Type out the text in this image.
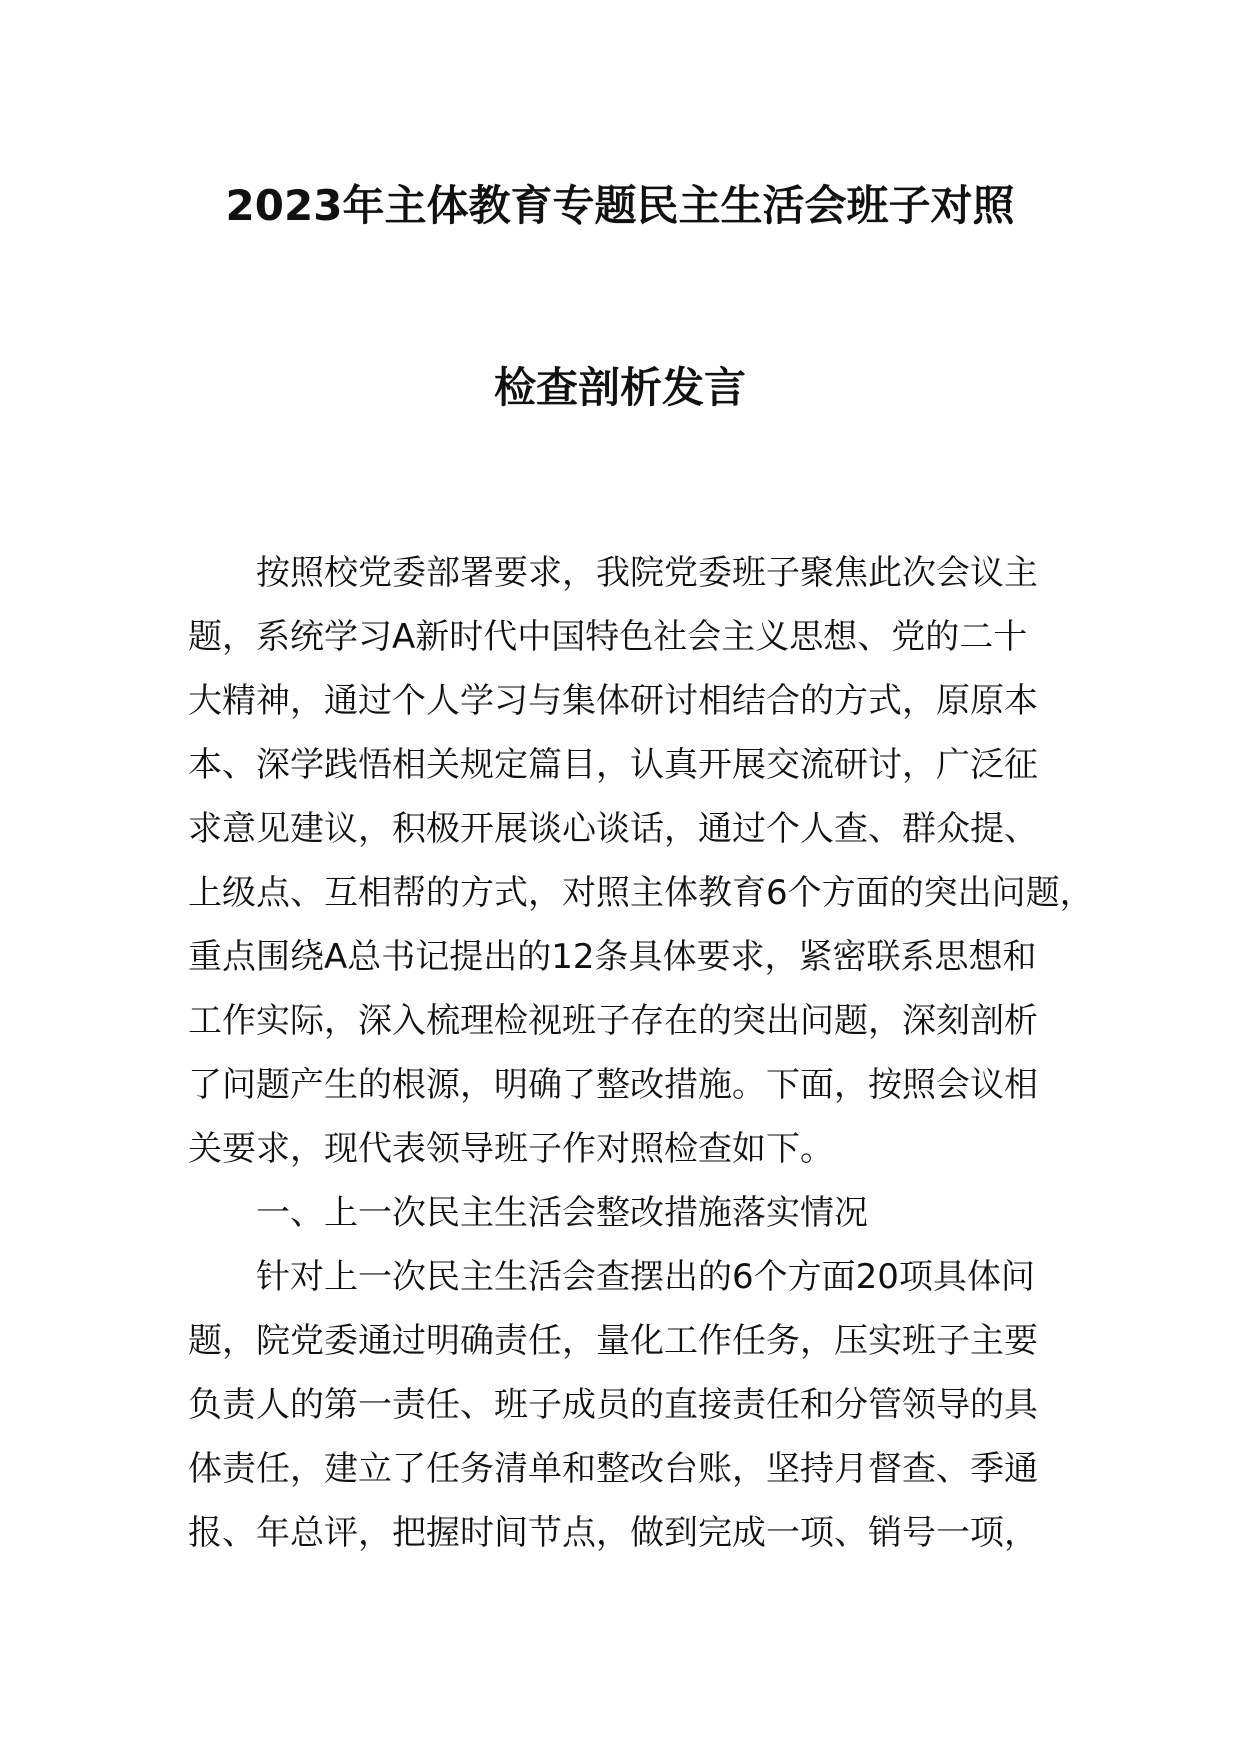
2023年主体教育专题民主生活会班子对照
检查剖析发言
按照校党委部署要求，我院党委班子聚焦此次会议主
题，系统学习A新时代中国特色社会主义思想、党的二十
大精神，通过个人学习与集体研讨相结合的方式，原原本
本、深学践悟相关规定篇目，认真开展交流研讨，广泛征
求意见建议，积极开展谈心谈话，通过个人查、群众提、
上级点、互相帮的方式，对照主体教育6个方面的突出问题，
重点围绕A总书记提出的12条具体要求，紧密联系思想和
工作实际，深入梳理检视班子存在的突出问题，深刻剖析
了问题产生的根源，明确了整改措施。下面，按照会议相
关要求，现代表领导班子作对照检查如下。
一、上一次民主生活会整改措施落实情况
针对上一次民主生活会查摆出的6个方面20项具体问
题，院党委通过明确责任，量化工作任务，压实班子主要
负责人的第一责任、班子成员的直接责任和分管领导的具
体责任，建立了任务清单和整改台账，坚持月督查、季通
报、年总评，把握时间节点，做到完成一项、销号一项，
